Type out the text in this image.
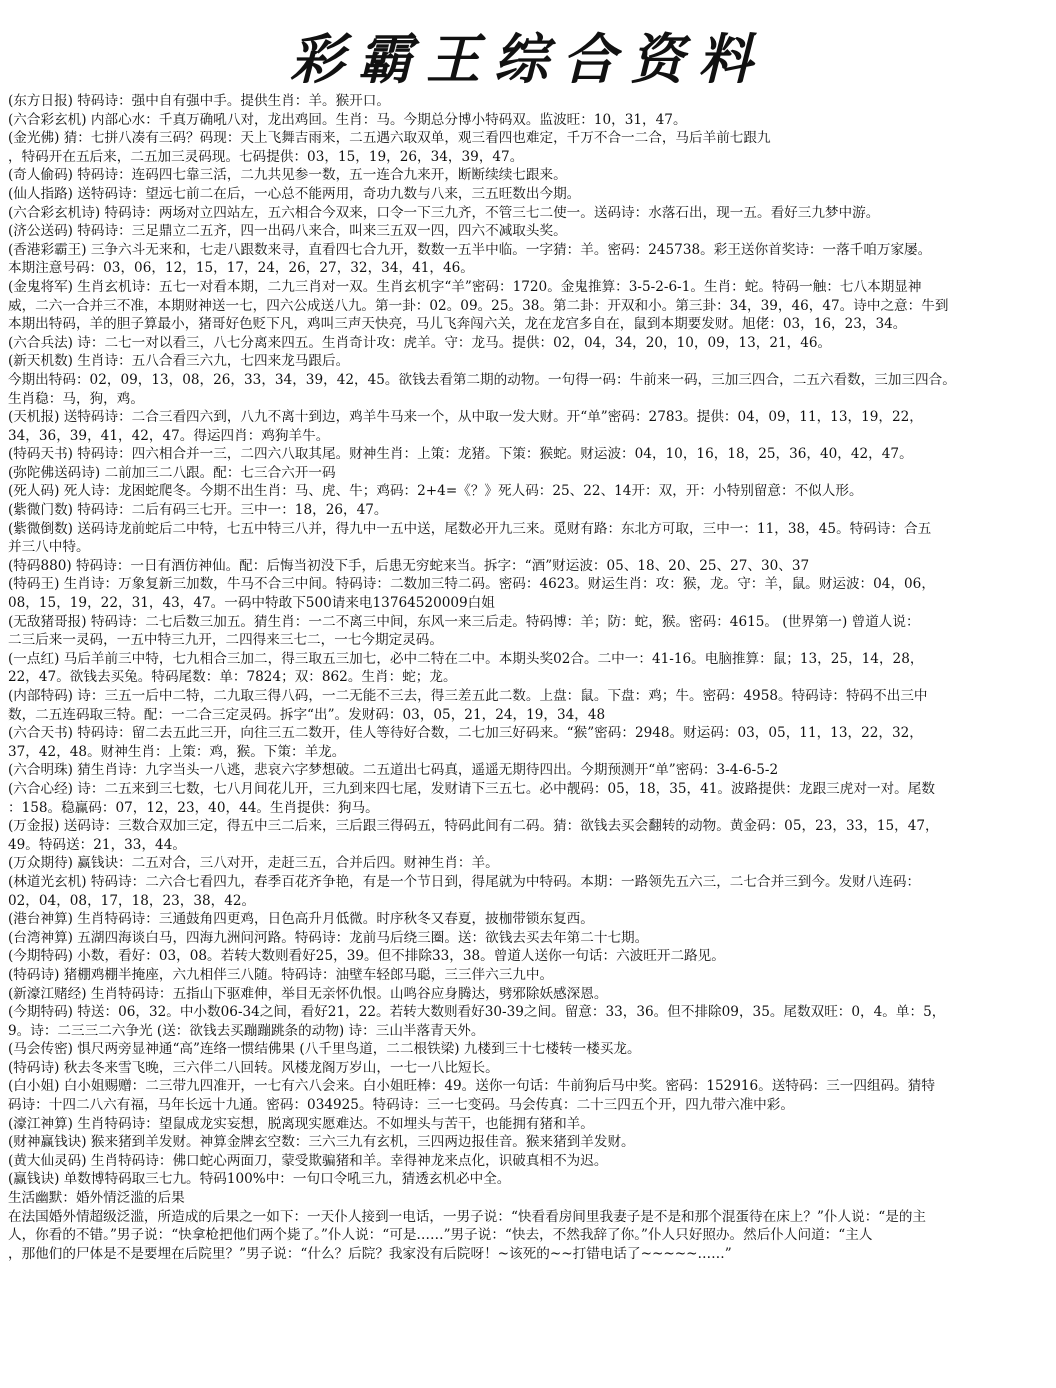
彩霸王综合资料
(东方日报) 特码诗：强中自有强中手。提供生肖：羊。猴开口。
(六合彩玄机) 内部心水：千真万确吼八对，龙出鸡回。生肖：马。今期总分博小特码双。监波旺：10，31，47。
(金光佛) 猜：七拼八凑有三码？码现：天上飞舞吉雨来，二五遇六取双单，观三看四也难定，千万不合一二合，马后羊前七跟九
，特码开在五后来，二五加三灵码现。七码提供：03，15，19，26，34，39，47。
(奇人偷码) 特码诗：连码四七靠三活，二九共见参一数，五一连合九来开，断断续续七跟来。
(仙人指路) 送特码诗：望远七前二在后，一心总不能两用，奇功九数与八来，三五旺数出今期。
(六合彩玄机诗) 特码诗：两场对立四站左，五六相合今双来，口令一下三九齐，不管三七二使一。送码诗：水落石出，现一五。看好三九梦中游。
(济公送码) 特码诗：三足鼎立二五齐，四一出码八来合，叫来三五双一四，四六不减取头奖。
(香港彩霸王) 三争六斗无来和，七走八跟数来寻，直看四七合九开，数数一五半中临。一字猜：羊。密码：245738。彩王送你首奖诗：一落千咱万家屡。
本期注意号码：03，06，12，15，17，24，26，27，32，34，41，46。
(金鬼将军) 生肖玄机诗：五七一对看本期，二九三肖对一双。生肖玄机字“羊”密码：1720。金鬼推算：3-5-2-6-1。生肖：蛇。特码一触：七八本期显神
威，二六一合并三不准，本期财神送一七，四六公成送八九。第一卦：02。09。25。38。第二卦：开双和小。第三卦：34，39，46，47。诗中之意：牛到
本期出特码，羊的胆子算最小，猪哥好色贬下凡，鸡叫三声天快亮，马儿飞奔闯六关，龙在龙宫多自在，鼠到本期要发财。旭佬：03，16，23，34。
(六合兵法) 诗：二七一对以看三，八七分离来四五。生肖奇计攻：虎羊。守：龙马。提供：02，04，34，20，10，09，13，21，46。
(新天机数) 生肖诗：五八合看三六九，七四来龙马跟后。
今期出特码：02，09，13，08，26，33，34，39，42，45。欲钱去看第二期的动物。一句得一码：牛前来一码，三加三四合，二五六看数，三加三四合。
生肖稳：马，狗，鸡。
(天机报) 送特码诗：二合三看四六到，八九不离十到边，鸡羊牛马来一个，从中取一发大财。开“单”密码：2783。提供：04，09，11，13，19，22，
34，36，39，41，42，47。得运四肖：鸡狗羊牛。
(特码天书) 特码诗：四六相合并一三，二四六八取其尾。财神生肖：上策：龙猪。下策：猴蛇。财运波：04，10，16，18，25，36，40，42，47。
(弥陀佛送码诗) 二前加三二八跟。配：七三合六开一码
(死人码) 死人诗：龙困蛇爬冬。今期不出生肖：马、虎、牛；鸡码：2+4=《？》死人码：25、22、14开：双，开：小特别留意：不似人形。
(紫微门数) 特码诗：二后有码三七开。三中一：18，26，47。
(紫微倒数) 送码诗龙前蛇后二中特，七五中特三八并，得九中一五中送，尾数必开九三来。觅财有路：东北方可取，三中一：11，38，45。特码诗：合五
并三八中特。
(特码880) 特码诗：一日有酒仿神仙。配：后悔当初没下手，后患无穷蛇来当。拆字：“酒”财运波：05、18、20、25、27、30、37
(特码王) 生肖诗：万象复新三加数，牛马不合三中间。特码诗：二数加三特二码。密码：4623。财运生肖：攻：猴，龙。守：羊，鼠。财运波：04，06，
08，15，19，22，31，43，47。一码中特敢下500请来电13764520009白姐
(无敌猪哥报) 特码诗：二七后数三加五。猜生肖：一二不离三中间，东风一来三后走。特码博：羊；防：蛇，猴。密码：4615。 (世界第一) 曾道人说：
二三后来一灵码，一五中特三九开，二四得来三七二，一七今期定灵码。
(一点红) 马后羊前三中特，七九相合三加二，得三取五三加七，必中二特在二中。本期头奖02合。二中一：41-16。电脑推算：鼠；13，25，14，28，
22，47。欲钱去买兔。特码尾数：单：7824；双：862。生肖：蛇；龙。
(内部特码) 诗：三五一后中二特，二九取三得八码，一二无能不三去，得三差五此二数。上盘：鼠。下盘：鸡；牛。密码：4958。特码诗：特码不出三中
数，二五连码取三特。配：一二合三定灵码。拆字“出”。发财码：03，05，21，24，19，34，48
(六合天书) 特码诗：留二去五此三开，向往三五二数开，佳人等待好合数，二七加三好码来。“猴”密码：2948。财运码：03，05，11，13，22，32，
37，42，48。财神生肖：上策：鸡，猴。下策：羊龙。
(六合明珠) 猜生肖诗：九字当头一八逃，悲哀六字梦想破。二五道出七码真，遥遥无期待四出。今期预测开“单”密码：3-4-6-5-2
(六合心经) 诗：二五来到三七数，七八月间花儿开，三九到来四七尾，发财请下三五七。必中靓码：05，18，35，41。波路提供：龙跟三虎对一对。尾数
：158。稳赢码：07，12，23，40，44。生肖提供：狗马。
(万金报) 送码诗：三数合双加三定，得五中三二后来，三后跟三得码五，特码此间有二码。猜：欲钱去买会翻转的动物。黄金码：05，23，33，15，47，
49。特码送：21，33，44。
(万众期待) 赢钱诀：二五对合，三八对开，走赶三五，合并后四。财神生肖：羊。
(林道光玄机) 特码诗：二六合七看四九，春季百花齐争艳，有是一个节日到，得尾就为中特码。本期：一路领先五六三，二七合并三到今。发财八连码：
02，04，08，17，18，23，38，42。
(港台神算) 生肖特码诗：三通鼓角四更鸡，日色高升月低微。时序秋冬又春夏，披枷带锁东复西。
(台湾神算) 五湖四海谈白马，四海九洲问河路。特码诗：龙前马后绕三圈。送：欲钱去买去年第二十七期。
(今期特码) 小数，看好：03，08。若转大数则看好25，39。但不排除33，38。曾道人送你一句话：六波旺开二路见。
(特码诗) 猪棚鸡棚半掩座，六九相伴三八随。特码诗：油壁车轻郎马聪，三三伴六三九中。
(新濠江赌经) 生肖特码诗：五指山下驱难伸，举目无亲怀仇恨。山鸣谷应身腾达，劈邪除妖感深恩。
(今期特码) 特送：06，32。中小数06-34之间，看好21，22。若转大数则看好30-39之间。留意：33，36。但不排除09，35。尾数双旺：0，4。单：5，
9。诗：二三三二六争光 (送：欲钱去买蹦蹦跳条的动物) 诗：三山半落青天外。
(马会传密) 惧尺两旁显神通“高”连络一惯结佛果 (八千里鸟道，二二根铁梁) 九楼到三十七楼转一楼买龙。
(特码诗) 秋去冬来雪飞晚，三六伴二八回转。风楼龙阁万岁山，一七一八比短长。
(白小姐) 白小姐赐赠：二三带九四准开，一七有六八会来。白小姐旺棒：49。送你一句话：牛前狗后马中奖。密码：152916。送特码：三一四组码。猜特
码诗：十四二八六有福，马年长远十九通。密码：034925。特码诗：三一七变码。马会传真：二十三四五个开，四九带六准中彩。
(濠江神算) 生肖特码诗：望鼠成龙实妄想，脱离现实愿难达。不如埋头与苦干，也能拥有猪和羊。
(财神赢钱诀) 猴来猪到羊发财。神算金牌玄空数：三六三九有玄机，三四两边报佳音。猴来猪到羊发财。
(黄大仙灵码) 生肖特码诗：佛口蛇心两面刀，蒙受欺骗猪和羊。幸得神龙来点化，识破真相不为迟。
(赢钱诀) 单数博特码取三七九。特码100%中：一句口令吼三九，猜透玄机必中全。
生活幽默：婚外情泛滥的后果
在法国婚外情超级泛滥，所造成的后果之一如下：一天仆人接到一电话，一男子说：“快看看房间里我妻子是不是和那个混蛋待在床上？”仆人说：“是的主
人，你看的不错。”男子说：“快拿枪把他们两个毙了。”仆人说：“可是……”男子说：“快去，不然我辞了你。”仆人只好照办。然后仆人问道：“主人
，那他们的尸体是不是要埋在后院里？”男子说：“什么？后院？我家没有后院呀！~该死的~~打错电话了~~~~~……”
